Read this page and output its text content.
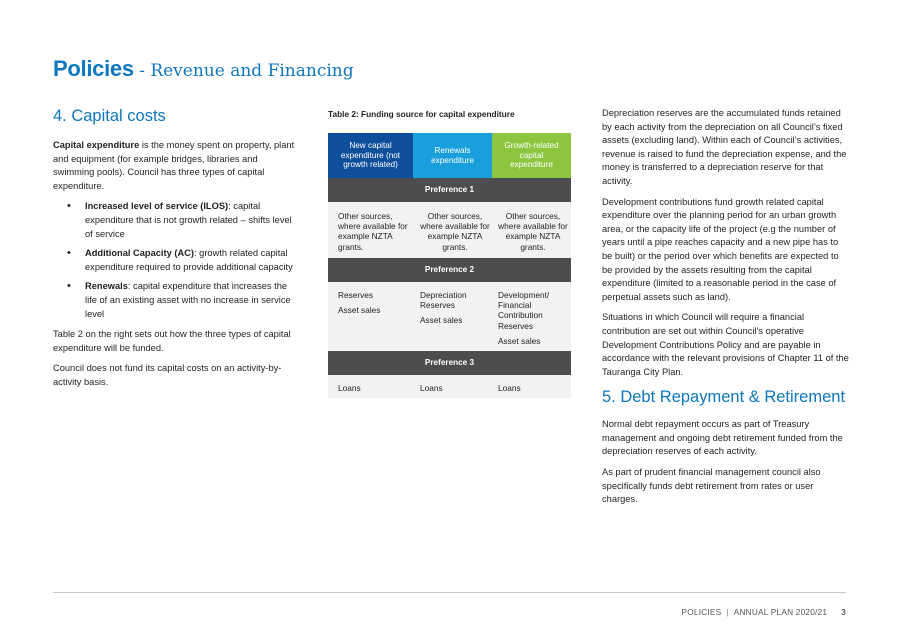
Policies - Revenue and Financing
4. Capital costs

Capital expenditure is the money spent on property, plant and equipment (for example bridges, libraries and swimming pools). Council has three types of capital expenditure.

• Increased level of service (ILOS): capital expenditure that is not growth related – shifts level of service
• Additional Capacity (AC): growth related capital expenditure required to provide additional capacity
• Renewals: capital expenditure that increases the life of an existing asset with no increase in service level

Table 2 on the right sets out how the three types of capital expenditure will be funded.

Council does not fund its capital costs on an activity-by-activity basis.

Table 2: Funding source for capital expenditure
New capital expenditure (not growth related)
Renewals expenditure
Growth-related capital expenditure
Preference 1
Other sources, where available for example NZTA grants.
Other sources, where available for example NZTA grants.
Other sources, where available for example NZTA grants.
Preference 2
Reserves
Asset sales
Depreciation Reserves
Asset sales
Development/ Financial Contribution Reserves
Asset sales
Preference 3
Loans	Loans	Loans

Depreciation reserves are the accumulated funds retained by each activity from the depreciation on all Council’s fixed assets (excluding land). Within each of Council’s activities, revenue is raised to fund the depreciation expense, and the money is transferred to a depreciation reserve for that activity.

Development contributions fund growth related capital expenditure over the planning period for an urban growth area, or the capacity life of the project (e.g the number of years until a pipe reaches capacity and a new pipe has to be built) or the period over which benefits are expected to be provided by the assets resulting from the capital expenditure (limited to a reasonable period in the case of perpetual assets such as land).

Situations in which Council will require a financial contribution are set out within Council’s operative Development Contributions Policy and are payable in accordance with the relevant provisions of Chapter 11 of the Tauranga City Plan.

5. Debt Repayment & Retirement

Normal debt repayment occurs as part of Treasury management and ongoing debt retirement funded from the depreciation reserves of each activity.

As part of prudent financial management council also specifically funds debt retirement from rates or user charges.

POLICIES | ANNUAL PLAN 2020/21 3
